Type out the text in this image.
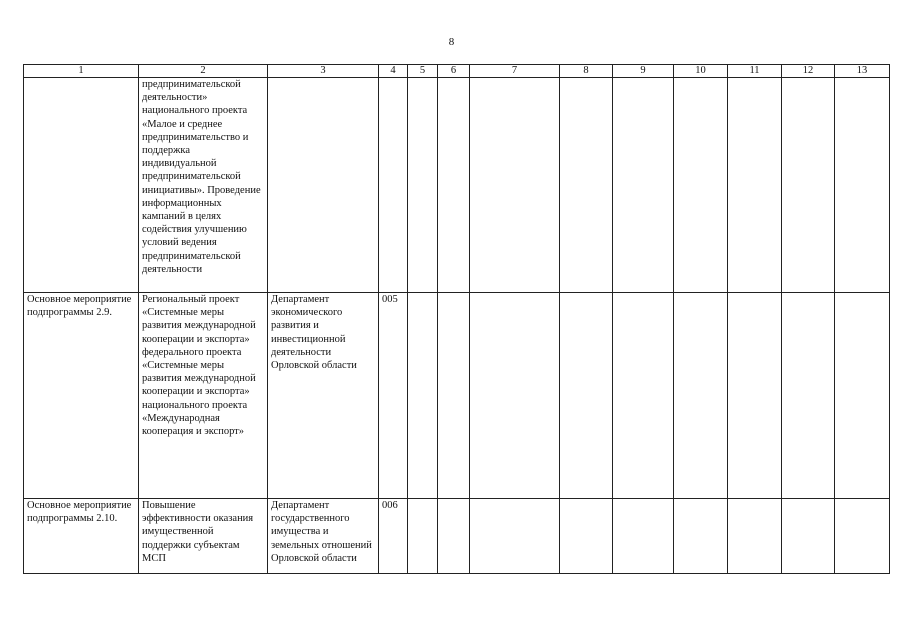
8
1	2	3	4	5	6	7	8	9	10	11	12	13
	предпринимательской деятельности» национального проекта «Малое и среднее предпринимательство и поддержка индивидуальной предпринимательской инициативы». Проведение информационных кампаний в целях содействия улучшению условий ведения предпринимательской деятельности											
Основное мероприятие подпрограммы 2.9.	Региональный проект «Системные меры развития международной кооперации и экспорта» федерального проекта «Системные меры развития международной кооперации и экспорта» национального проекта «Международная кооперация и экспорт»	Департамент экономического развития и инвестиционной деятельности Орловской области	005									
Основное мероприятие подпрограммы 2.10.	Повышение эффективности оказания имущественной поддержки субъектам МСП	Департамент государственного имущества и земельных отношений Орловской области	006									
